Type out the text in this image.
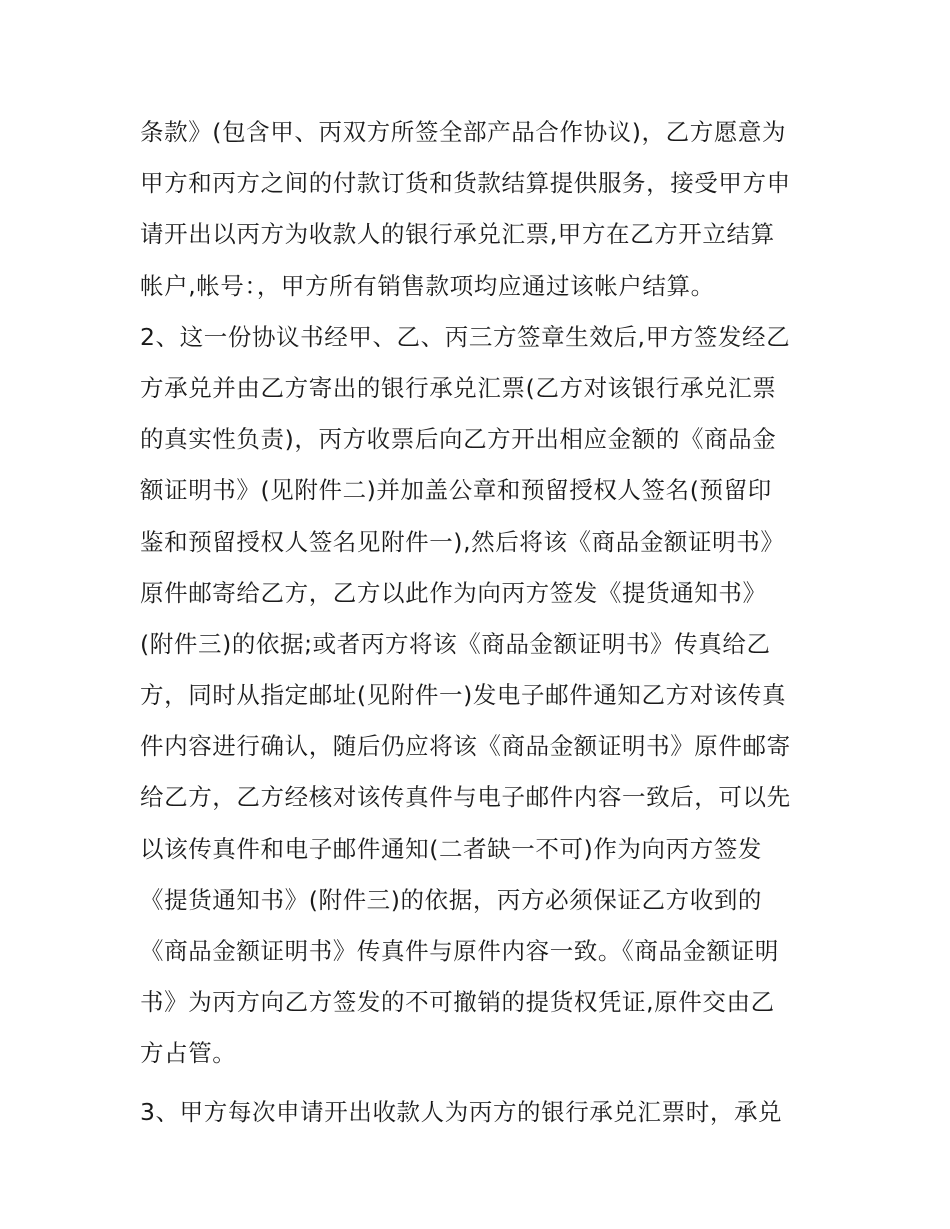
条款》(包含甲、丙双方所签全部产品合作协议)，乙方愿意为
甲方和丙方之间的付款订货和货款结算提供服务，接受甲方申
请开出以丙方为收款人的银行承兑汇票,甲方在乙方开立结算
帐户,帐号：，甲方所有销售款项均应通过该帐户结算。
2、这一份协议书经甲、乙、丙三方签章生效后,甲方签发经乙
方承兑并由乙方寄出的银行承兑汇票(乙方对该银行承兑汇票
的真实性负责)，丙方收票后向乙方开出相应金额的《商品金
额证明书》(见附件二)并加盖公章和预留授权人签名(预留印
鉴和预留授权人签名见附件一),然后将该《商品金额证明书》
原件邮寄给乙方，乙方以此作为向丙方签发《提货通知书》
(附件三)的依据;或者丙方将该《商品金额证明书》传真给乙
方，同时从指定邮址(见附件一)发电子邮件通知乙方对该传真
件内容进行确认，随后仍应将该《商品金额证明书》原件邮寄
给乙方，乙方经核对该传真件与电子邮件内容一致后，可以先
以该传真件和电子邮件通知(二者缺一不可)作为向丙方签发
《提货通知书》(附件三)的依据，丙方必须保证乙方收到的
《商品金额证明书》传真件与原件内容一致。《商品金额证明
书》为丙方向乙方签发的不可撤销的提货权凭证,原件交由乙
方占管。
3、甲方每次申请开出收款人为丙方的银行承兑汇票时，承兑
